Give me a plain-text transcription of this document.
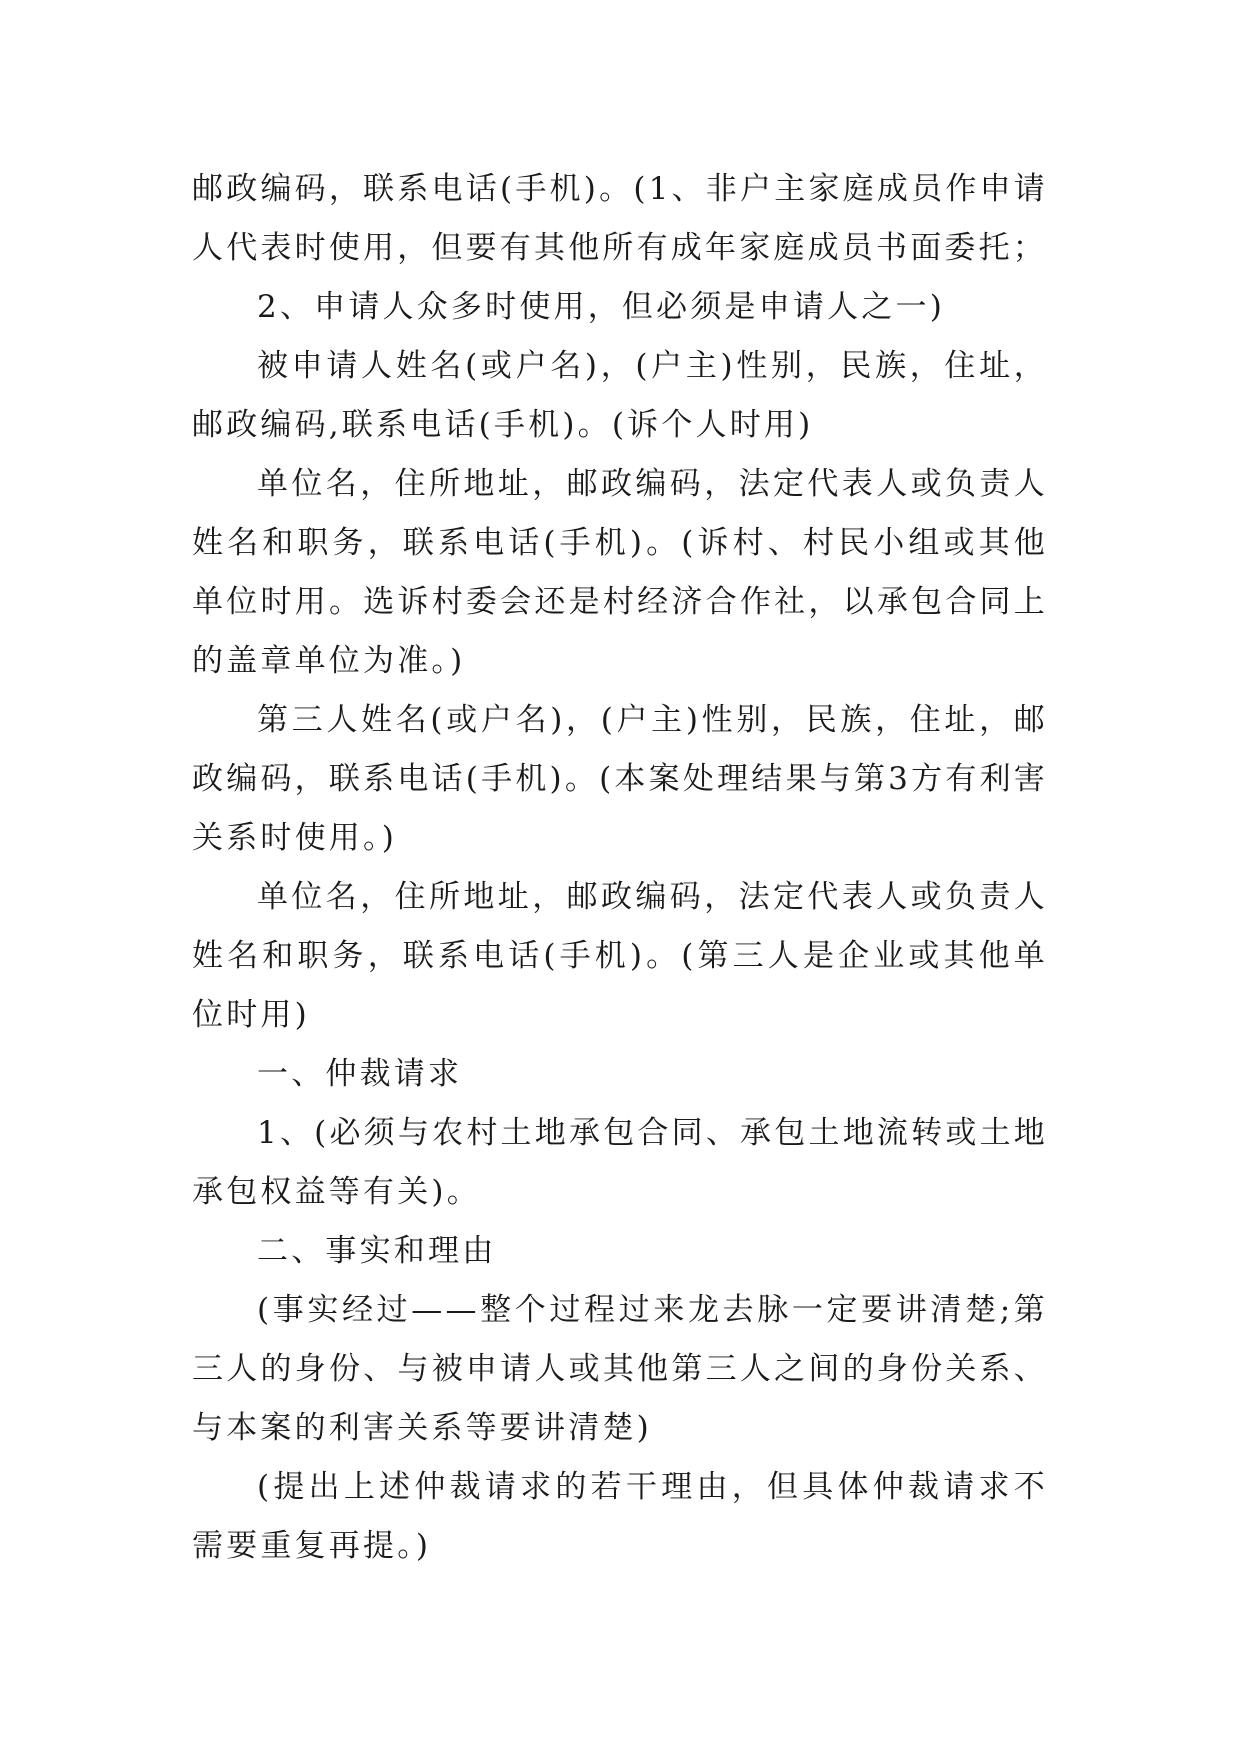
邮政编码，联系电话(手机)。(1、非户主家庭成员作申请人代表时使用，但要有其他所有成年家庭成员书面委托；

2、申请人众多时使用，但必须是申请人之一)

被申请人姓名(或户名)，(户主)性别，民族，住址，邮政编码,联系电话(手机)。(诉个人时用)

单位名，住所地址，邮政编码，法定代表人或负责人姓名和职务，联系电话(手机)。(诉村、村民小组或其他单位时用。选诉村委会还是村经济合作社，以承包合同上的盖章单位为准。)

第三人姓名(或户名)，(户主)性别，民族，住址，邮政编码，联系电话(手机)。(本案处理结果与第3方有利害关系时使用。)

单位名，住所地址，邮政编码，法定代表人或负责人姓名和职务，联系电话(手机)。(第三人是企业或其他单位时用)

一、仲裁请求

1、(必须与农村土地承包合同、承包土地流转或土地承包权益等有关)。

二、事实和理由

(事实经过——整个过程过来龙去脉一定要讲清楚;第三人的身份、与被申请人或其他第三人之间的身份关系、与本案的利害关系等要讲清楚)

(提出上述仲裁请求的若干理由，但具体仲裁请求不需要重复再提。)
